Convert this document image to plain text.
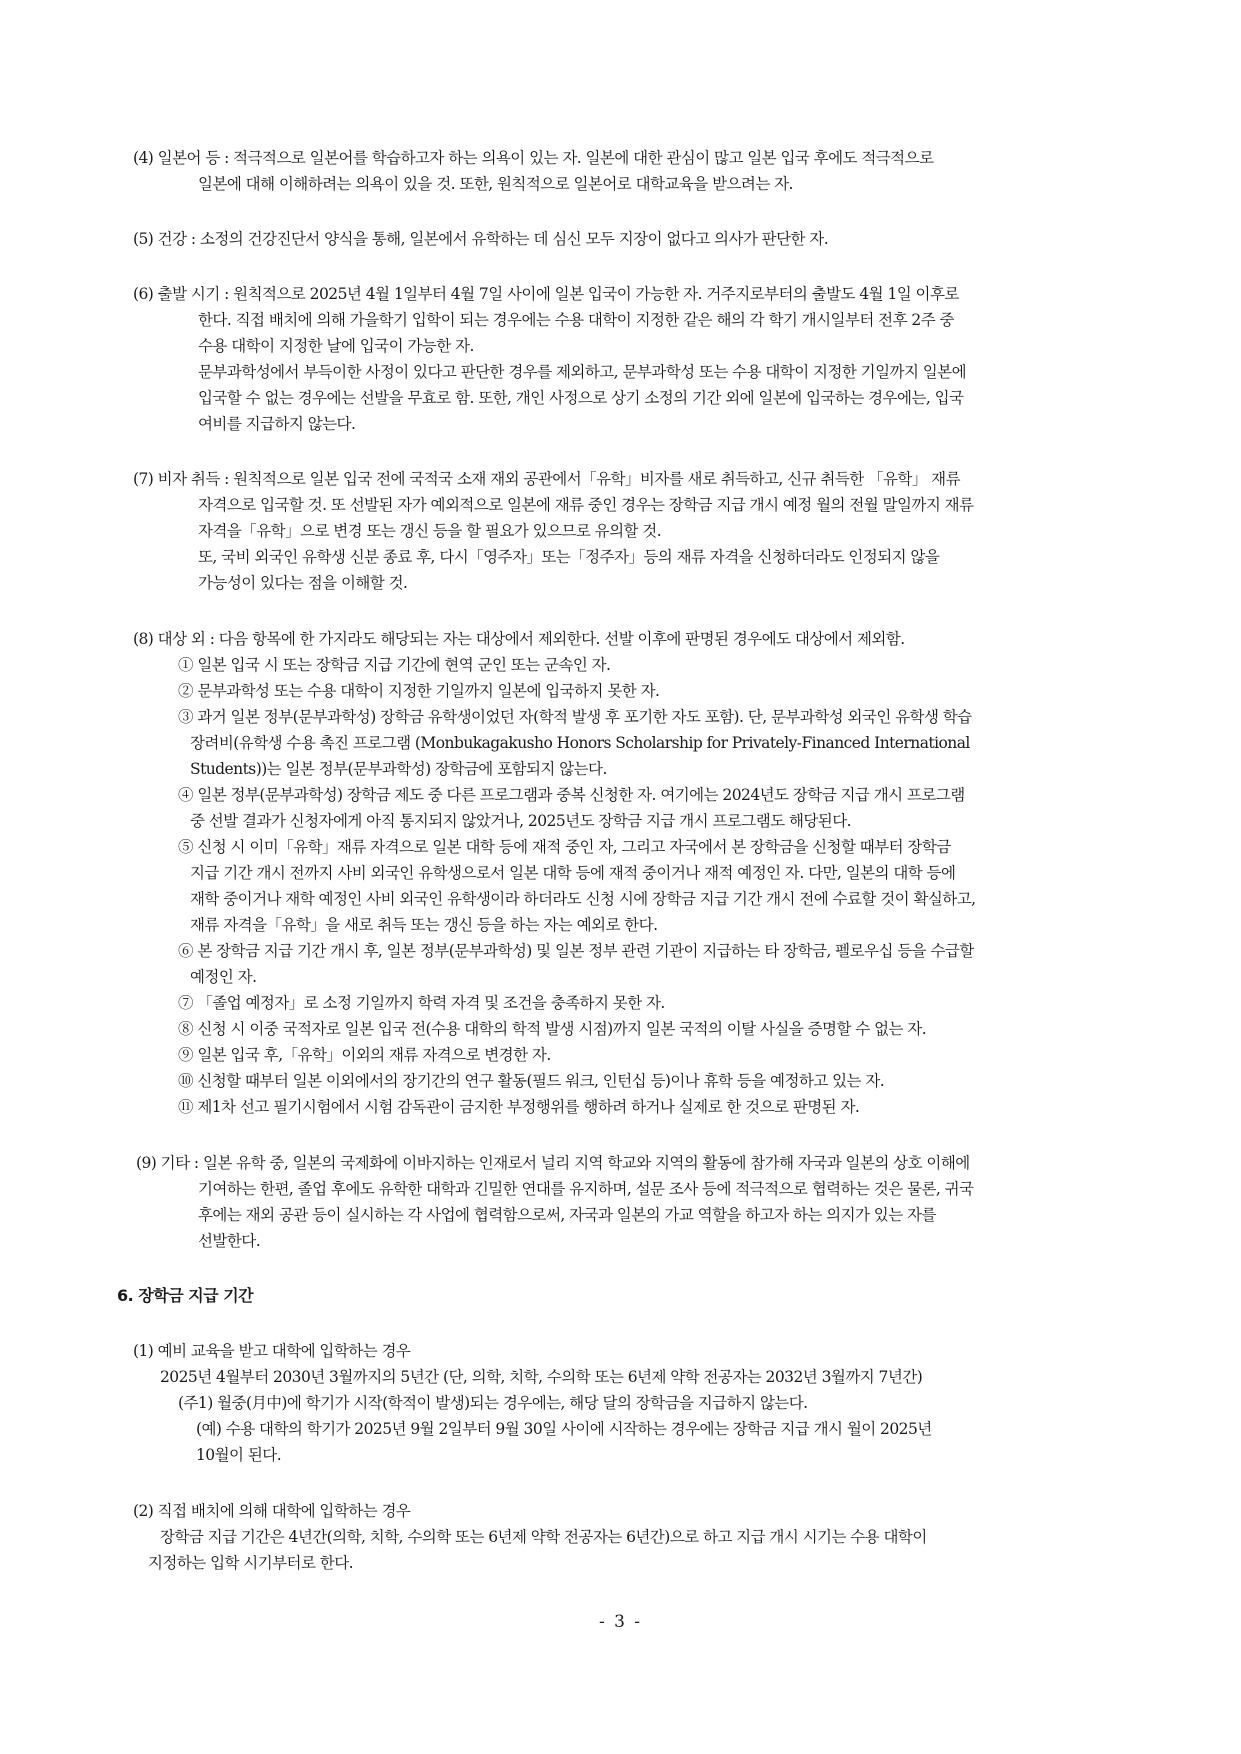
(4) 일본어 등 : 적극적으로 일본어를 학습하고자 하는 의욕이 있는 자. 일본에 대한 관심이 많고 일본 입국 후에도 적극적으로
일본에 대해 이해하려는 의욕이 있을 것. 또한, 원칙적으로 일본어로 대학교육을 받으려는 자.
(5) 건강 : 소정의 건강진단서 양식을 통해, 일본에서 유학하는 데 심신 모두 지장이 없다고 의사가 판단한 자.
(6) 출발 시기 : 원칙적으로 2025년 4월 1일부터 4월 7일 사이에 일본 입국이 가능한 자. 거주지로부터의 출발도 4월 1일 이후로
한다. 직접 배치에 의해 가을학기 입학이 되는 경우에는 수용 대학이 지정한 같은 해의 각 학기 개시일부터 전후 2주 중
수용 대학이 지정한 날에 입국이 가능한 자.
문부과학성에서 부득이한 사정이 있다고 판단한 경우를 제외하고, 문부과학성 또는 수용 대학이 지정한 기일까지 일본에
입국할 수 없는 경우에는 선발을 무효로 함. 또한, 개인 사정으로 상기 소정의 기간 외에 일본에 입국하는 경우에는, 입국
여비를 지급하지 않는다.
(7) 비자 취득 : 원칙적으로 일본 입국 전에 국적국 소재 재외 공관에서「유학」비자를 새로 취득하고, 신규 취득한 「유학」 재류
자격으로 입국할 것. 또 선발된 자가 예외적으로 일본에 재류 중인 경우는 장학금 지급 개시 예정 월의 전월 말일까지 재류
자격을「유학」으로 변경 또는 갱신 등을 할 필요가 있으므로 유의할 것.
또, 국비 외국인 유학생 신분 종료 후, 다시「영주자」또는「정주자」등의 재류 자격을 신청하더라도 인정되지 않을
가능성이 있다는 점을 이해할 것.
(8) 대상 외 : 다음 항목에 한 가지라도 해당되는 자는 대상에서 제외한다. 선발 이후에 판명된 경우에도 대상에서 제외함.
① 일본 입국 시 또는 장학금 지급 기간에 현역 군인 또는 군속인 자.
② 문부과학성 또는 수용 대학이 지정한 기일까지 일본에 입국하지 못한 자.
③ 과거 일본 정부(문부과학성) 장학금 유학생이었던 자(학적 발생 후 포기한 자도 포함). 단, 문부과학성 외국인 유학생 학습
장려비(유학생 수용 촉진 프로그램 (Monbukagakusho Honors Scholarship for Privately-Financed International
Students))는 일본 정부(문부과학성) 장학금에 포함되지 않는다.
④ 일본 정부(문부과학성) 장학금 제도 중 다른 프로그램과 중복 신청한 자. 여기에는 2024년도 장학금 지급 개시 프로그램
중 선발 결과가 신청자에게 아직 통지되지 않았거나, 2025년도 장학금 지급 개시 프로그램도 해당된다.
⑤ 신청 시 이미「유학」재류 자격으로 일본 대학 등에 재적 중인 자, 그리고 자국에서 본 장학금을 신청할 때부터 장학금
지급 기간 개시 전까지 사비 외국인 유학생으로서 일본 대학 등에 재적 중이거나 재적 예정인 자. 다만, 일본의 대학 등에
재학 중이거나 재학 예정인 사비 외국인 유학생이라 하더라도 신청 시에 장학금 지급 기간 개시 전에 수료할 것이 확실하고,
재류 자격을「유학」을 새로 취득 또는 갱신 등을 하는 자는 예외로 한다.
⑥ 본 장학금 지급 기간 개시 후, 일본 정부(문부과학성) 및 일본 정부 관련 기관이 지급하는 타 장학금, 펠로우십 등을 수급할
예정인 자.
⑦ 「졸업 예정자」로 소정 기일까지 학력 자격 및 조건을 충족하지 못한 자.
⑧ 신청 시 이중 국적자로 일본 입국 전(수용 대학의 학적 발생 시점)까지 일본 국적의 이탈 사실을 증명할 수 없는 자.
⑨ 일본 입국 후,「유학」이외의 재류 자격으로 변경한 자.
⑩ 신청할 때부터 일본 이외에서의 장기간의 연구 활동(필드 워크, 인턴십 등)이나 휴학 등을 예정하고 있는 자.
⑪ 제1차 선고 필기시험에서 시험 감독관이 금지한 부정행위를 행하려 하거나 실제로 한 것으로 판명된 자.
(9) 기타 : 일본 유학 중, 일본의 국제화에 이바지하는 인재로서 널리 지역 학교와 지역의 활동에 참가해 자국과 일본의 상호 이해에
기여하는 한편, 졸업 후에도 유학한 대학과 긴밀한 연대를 유지하며, 설문 조사 등에 적극적으로 협력하는 것은 물론, 귀국
후에는 재외 공관 등이 실시하는 각 사업에 협력함으로써, 자국과 일본의 가교 역할을 하고자 하는 의지가 있는 자를
선발한다.
6. 장학금 지급 기간
(1) 예비 교육을 받고 대학에 입학하는 경우
2025년 4월부터 2030년 3월까지의 5년간 (단, 의학, 치학, 수의학 또는 6년제 약학 전공자는 2032년 3월까지 7년간)
(주1) 월중(月中)에 학기가 시작(학적이 발생)되는 경우에는, 해당 달의 장학금을 지급하지 않는다.
(예) 수용 대학의 학기가 2025년 9월 2일부터 9월 30일 사이에 시작하는 경우에는 장학금 지급 개시 월이 2025년
10월이 된다.
(2) 직접 배치에 의해 대학에 입학하는 경우
장학금 지급 기간은 4년간(의학, 치학, 수의학 또는 6년제 약학 전공자는 6년간)으로 하고 지급 개시 시기는 수용 대학이
지정하는 입학 시기부터로 한다.
- 3 -
